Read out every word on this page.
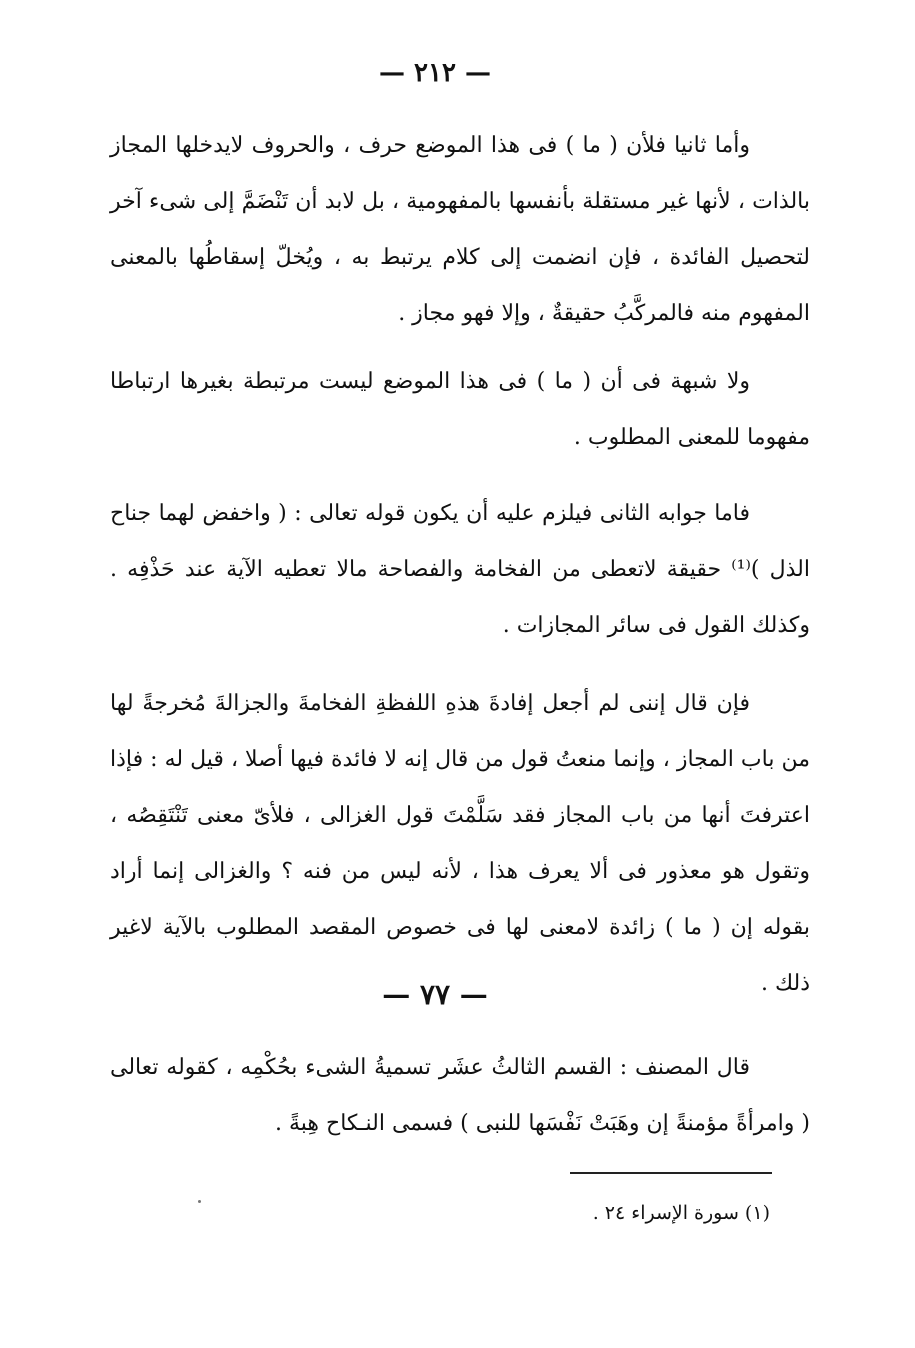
— ٢١٢ —

وأما ثانيا فلأن ( ما ) فى هذا الموضع حرف ، والحروف لايدخلها المجاز بالذات ، لأنها غير مستقلة بأنفسها بالمفهومية ، بل لابد أن تَنْضَمَّ إلى شىء آخر لتحصيل الفائدة ، فإن انضمت إلى كلام يرتبط به ، ويُخلّ إسقاطُها بالمعنى المفهوم منه فالمركَّبُ حقيقةٌ ، وإلا فهو مجاز .

ولا شبهة فى أن ( ما ) فى هذا الموضع ليست مرتبطة بغيرها ارتباطا مفهوما للمعنى المطلوب .

فاما جوابه الثانى فيلزم عليه أن يكون قوله تعالى : ( واخفض لهما جناح الذل )⁽¹⁾ حقيقة لاتعطى من الفخامة والفصاحة مالا تعطيه الآية عند حَذْفِه . وكذلك القول فى سائر المجازات .

فإن قال إننى لم أجعل إفادةَ هذهِ اللفظةِ الفخامةَ والجزالةَ مُخرجةً لها من باب المجاز ، وإنما منعتُ قول من قال إنه لا فائدة فيها أصلا ، قيل له : فإذا اعترفتَ أنها من باب المجاز فقد سَلَّمْتَ قول الغزالى ، فلأىّ معنى تَنْتَقِصُه ، وتقول هو معذور فى ألا يعرف هذا ، لأنه ليس من فنه ؟ والغزالى إنما أراد بقوله إن ( ما ) زائدة لامعنى لها فى خصوص المقصد المطلوب بالآية لاغير ذلك .

— ٧٧ —

قال المصنف : القسم الثالثُ عشَر تسميةُ الشىء بحُكْمِه ، كقوله تعالى ( وامرأةً مؤمنةً إن وهَبَتْ نَفْسَها للنبى ) فسمى النـكاح هِبةً .

(١) سورة الإسراء ٢٤ .
